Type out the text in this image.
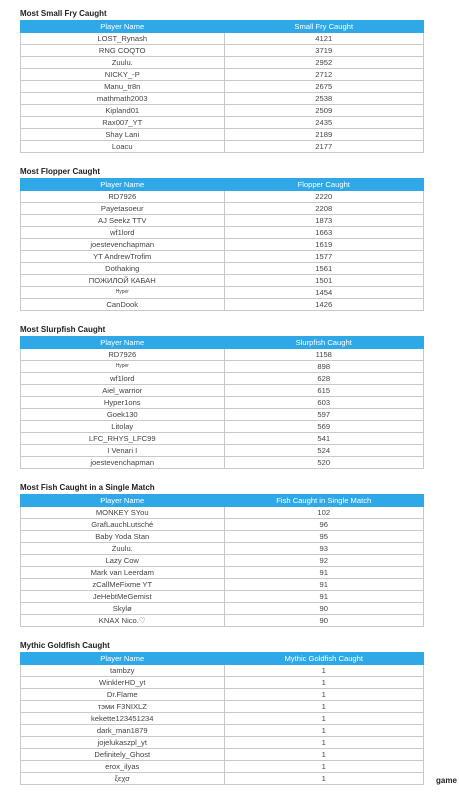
Most Small Fry Caught
Player Name	Small Fry Caught
LOST_Rynash	4121
RNG COQTO	3719
Zuulu.	2952
NICKY_-P	2712
Manu_tr8n	2675
mathmath2003	2538
Kipland01	2509
Rax007_YT	2435
Shay Lani	2189
Loacu	2177
Most Flopper Caught
Player Name	Flopper Caught
RD7926	2220
Payetasoeur	2208
AJ Seekz TTV	1873
wf1lord	1663
joestevenchapman	1619
YT AndrewTrofim	1577
Dothaking	1561
ПОЖИЛОЙ КАБАН	1501
Hyper	1454
CanDook	1426
Most Slurpfish Caught
Player Name	Slurpfish Caught
RD7926	1158
Hyper	898
wf1lord	628
Aiel_warrior	615
Hyper1ons	603
Goek130	597
Litolay	569
LFC_RHYS_LFC99	541
I Venari I	524
joestevenchapman	520
Most Fish Caught in a Single Match
Player Name	Fish Caught in Single Match
MONKEY SYou	102
GrafLauchLutsché	96
Baby Yoda Stan	95
Zuulu.	93
Lazy Cow	92
Mark van Leerdam	91
zCallMeFixme YT	91
JeHebtMeGemist	91
Skylø	90
KNAX Nico.♡	90
Mythic Goldfish Caught
Player Name	Mythic Goldfish Caught
tambzy	1
WinklerHD_yt	1
Dr.Flame	1
тэми F3NIXLZ	1
kekette123451234	1
dark_man1879	1
jojelukaszpl_yt	1
Definitely_Ghost	1
erox_ilyas	1
ξεχσ	1	game
